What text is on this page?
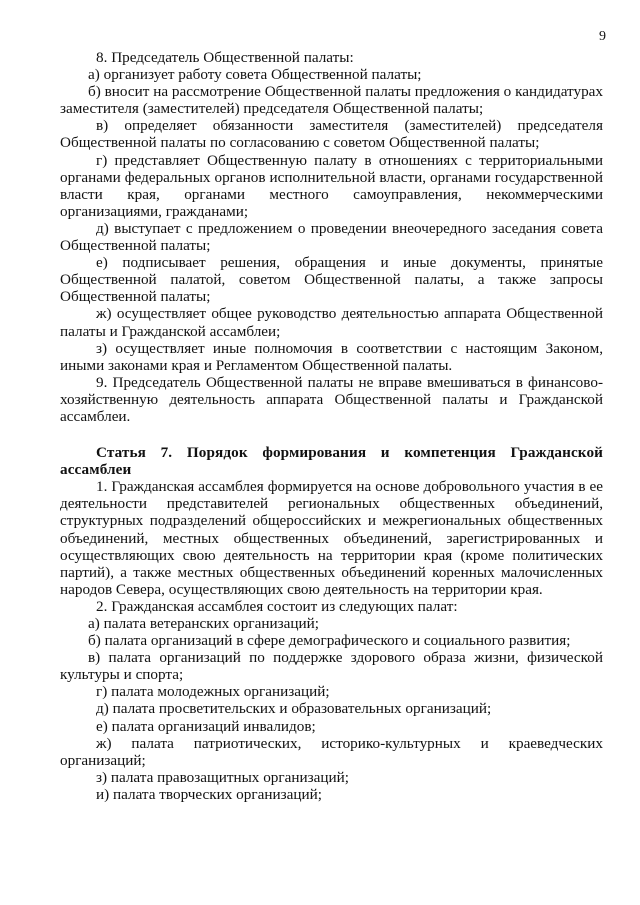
9

8. Председатель Общественной палаты:

а) организует работу совета Общественной палаты;

б) вносит на рассмотрение Общественной палаты предложения о кандидатурах заместителя (заместителей) председателя Общественной палаты;

в) определяет обязанности заместителя (заместителей) председателя Общественной палаты по согласованию с советом Общественной палаты;

г) представляет Общественную палату в отношениях с территориальными органами федеральных органов исполнительной власти, органами государственной власти края, органами местного самоуправления, некоммерческими организациями, гражданами;

д) выступает с предложением о проведении внеочередного заседания совета Общественной палаты;

е) подписывает решения, обращения и иные документы, принятые Общественной палатой, советом Общественной палаты, а также запросы Общественной палаты;

ж) осуществляет общее руководство деятельностью аппарата Общественной палаты и Гражданской ассамблеи;

з) осуществляет иные полномочия в соответствии с настоящим Законом, иными законами края и Регламентом Общественной палаты.

9. Председатель Общественной палаты не вправе вмешиваться в финансово-хозяйственную деятельность аппарата Общественной палаты и Гражданской ассамблеи.

Статья 7. Порядок формирования и компетенция Гражданской ассамблеи

1. Гражданская ассамблея формируется на основе добровольного участия в ее деятельности представителей региональных общественных объединений, структурных подразделений общероссийских и межрегиональных общественных объединений, местных общественных объединений, зарегистрированных и осуществляющих свою деятельность на территории края (кроме политических партий), а также местных общественных объединений коренных малочисленных народов Севера, осуществляющих свою деятельность на территории края.

2. Гражданская ассамблея состоит из следующих палат:

а) палата ветеранских организаций;

б) палата организаций в сфере демографического и социального развития;

в) палата организаций по поддержке здорового образа жизни, физической культуры и спорта;

г) палата молодежных организаций;

д) палата просветительских и образовательных организаций;

е) палата организаций инвалидов;

ж) палата патриотических, историко-культурных и краеведческих организаций;

з) палата правозащитных организаций;

и) палата творческих организаций;
